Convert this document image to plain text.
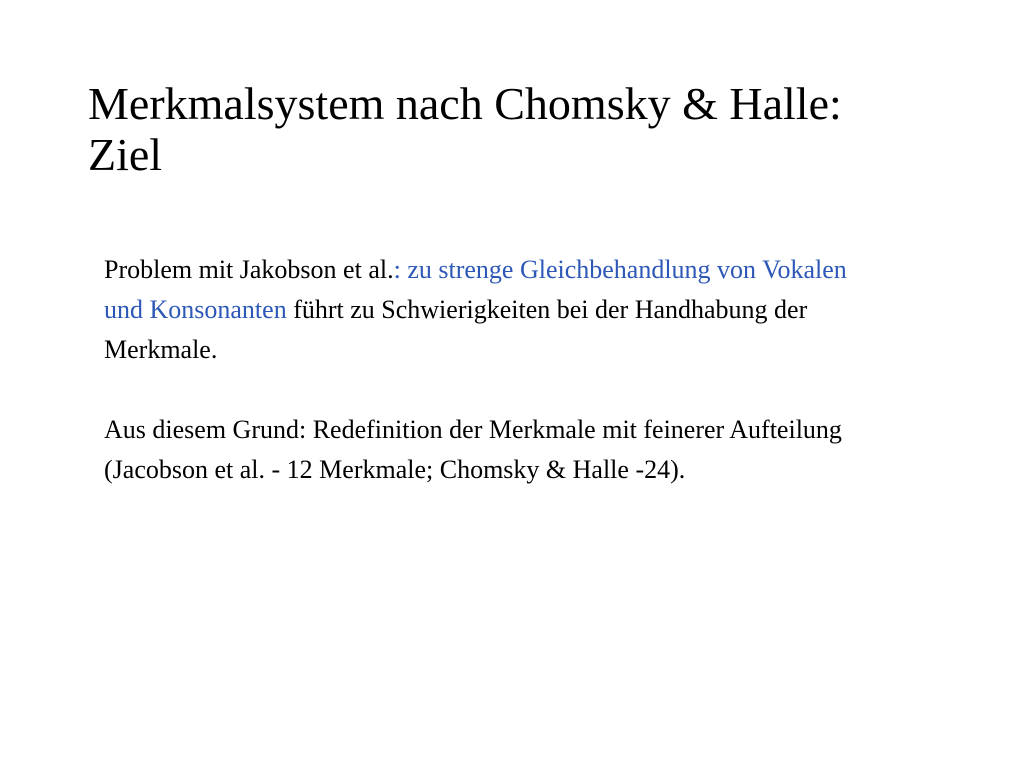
Merkmalsystem nach Chomsky & Halle:
Ziel

Problem mit Jakobson et al.: zu strenge Gleichbehandlung von Vokalen
und Konsonanten führt zu Schwierigkeiten bei der Handhabung der
Merkmale.

Aus diesem Grund: Redefinition der Merkmale mit feinerer Aufteilung
(Jacobson et al. - 12 Merkmale; Chomsky & Halle -24).
